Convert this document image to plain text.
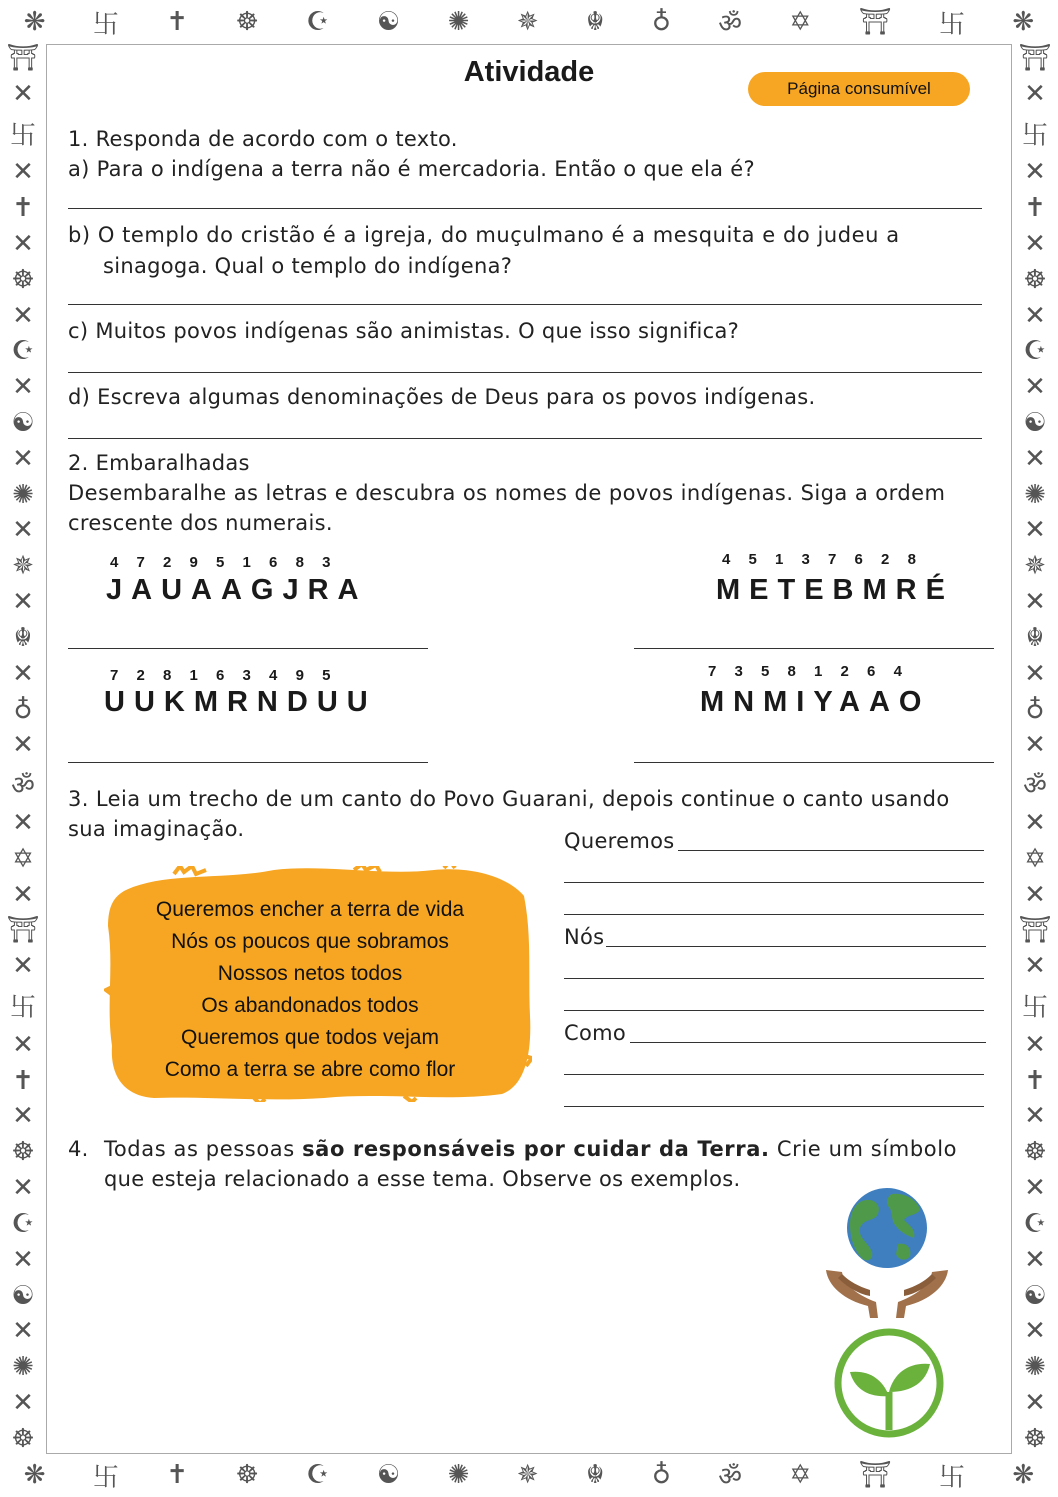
❋ 卐 ✝ ☸ ☪ ☯ ✺ ✵ ☬ ♁ ॐ ✡ ⛩ 卐 ❋
❋ 卐 ✝ ☸ ☪ ☯ ✺ ✵ ☬ ♁ ॐ ✡ ⛩ 卐 ❋
⛩
✕
卐
✕
✝
✕
☸
✕
☪
✕
☯
✕
✺
✕
✵
✕
☬
✕
♁
✕
ॐ
✕
✡
✕
⛩
✕
卐
✕
✝
✕
☸
✕
☪
✕
☯
✕
✺
✕
☸
⛩
✕
卐
✕
✝
✕
☸
✕
☪
✕
☯
✕
✺
✕
✵
✕
☬
✕
♁
✕
ॐ
✕
✡
✕
⛩
✕
卐
✕
✝
✕
☸
✕
☪
✕
☯
✕
✺
✕
☸
Atividade
Página consumível
1. Responda de acordo com o texto.
a) Para o indígena a terra não é mercadoria. Então o que ela é?
b) O templo do cristão é a igreja, do muçulmano é a mesquita e do judeu a
sinagoga. Qual o templo do indígena?
c) Muitos povos indígenas são animistas. O que isso significa?
d) Escreva algumas denominações de Deus para os povos indígenas.
2. Embaralhadas
Desembaralhe as letras e descubra os nomes de povos indígenas. Siga a ordem
crescente dos numerais.
4 7 2 9 5 1 6 8 3
JAUAAGJRA
4 5 1 3 7 6 2 8
METEBMRÉ
7 2 8 1 6 3 4 9 5
UUKMRNDUU
7 3 5 8 1 2 6 4
MNMIYAAO
3. Leia um trecho de um canto do Povo Guarani, depois continue o canto usando
sua imaginação.
Queremos encher a terra de vida
Nós os poucos que sobramos
Nossos netos todos
Os abandonados todos
Queremos que todos vejam
Como a terra se abre como flor
Queremos
Nós
Como
4. Todas as pessoas são responsáveis por cuidar da Terra. Crie um símbolo
que esteja relacionado a esse tema. Observe os exemplos.
